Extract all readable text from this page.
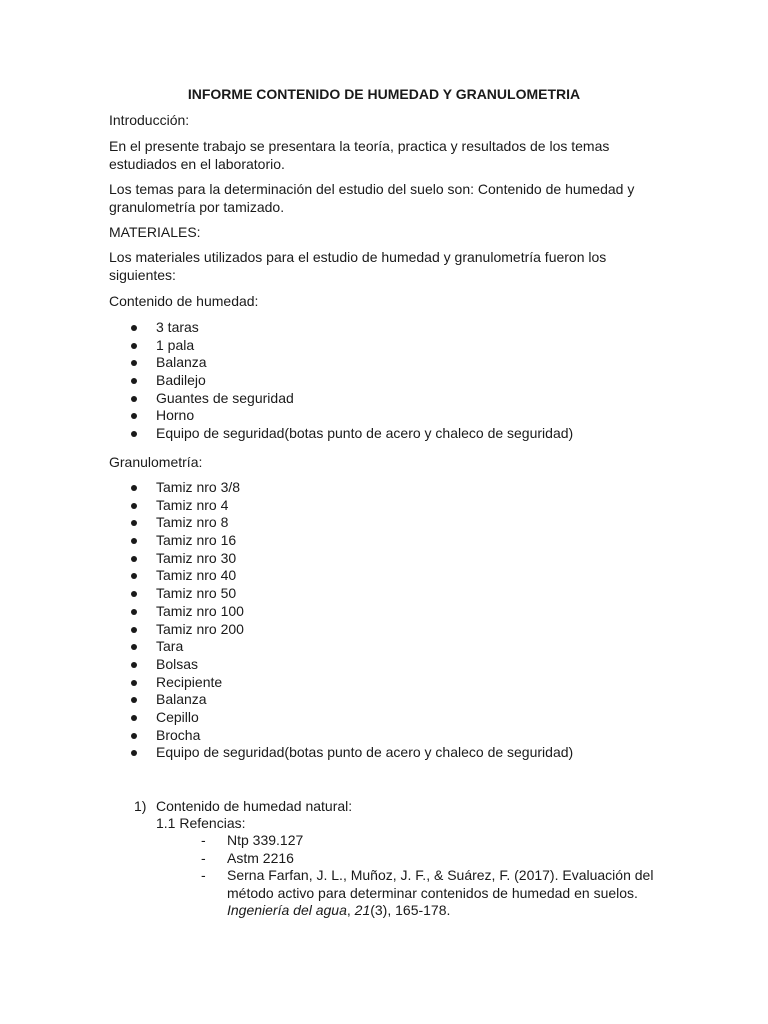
INFORME CONTENIDO DE HUMEDAD Y GRANULOMETRIA

Introducción:

En el presente trabajo se presentara la teoría, practica y resultados de los temas estudiados en el laboratorio.

Los temas para la determinación del estudio del suelo son: Contenido de humedad y granulometría por tamizado.

MATERIALES:

Los materiales utilizados para el estudio de humedad y granulometría fueron los siguientes:

Contenido de humedad:

3 taras
1 pala
Balanza
Badilejo
Guantes de seguridad
Horno
Equipo de seguridad(botas punto de acero y chaleco de seguridad)

Granulometría:

Tamiz nro 3/8
Tamiz nro 4
Tamiz nro 8
Tamiz nro 16
Tamiz nro 30
Tamiz nro 40
Tamiz nro 50
Tamiz nro 100
Tamiz nro 200
Tara
Bolsas
Recipiente
Balanza
Cepillo
Brocha
Equipo de seguridad(botas punto de acero y chaleco de seguridad)
1) Contenido de humedad natural:
1.1 Refencias:
- Ntp 339.127
- Astm 2216
- Serna Farfan, J. L., Muñoz, J. F., & Suárez, F. (2017). Evaluación del método activo para determinar contenidos de humedad en suelos. Ingeniería del agua, 21(3), 165-178.
